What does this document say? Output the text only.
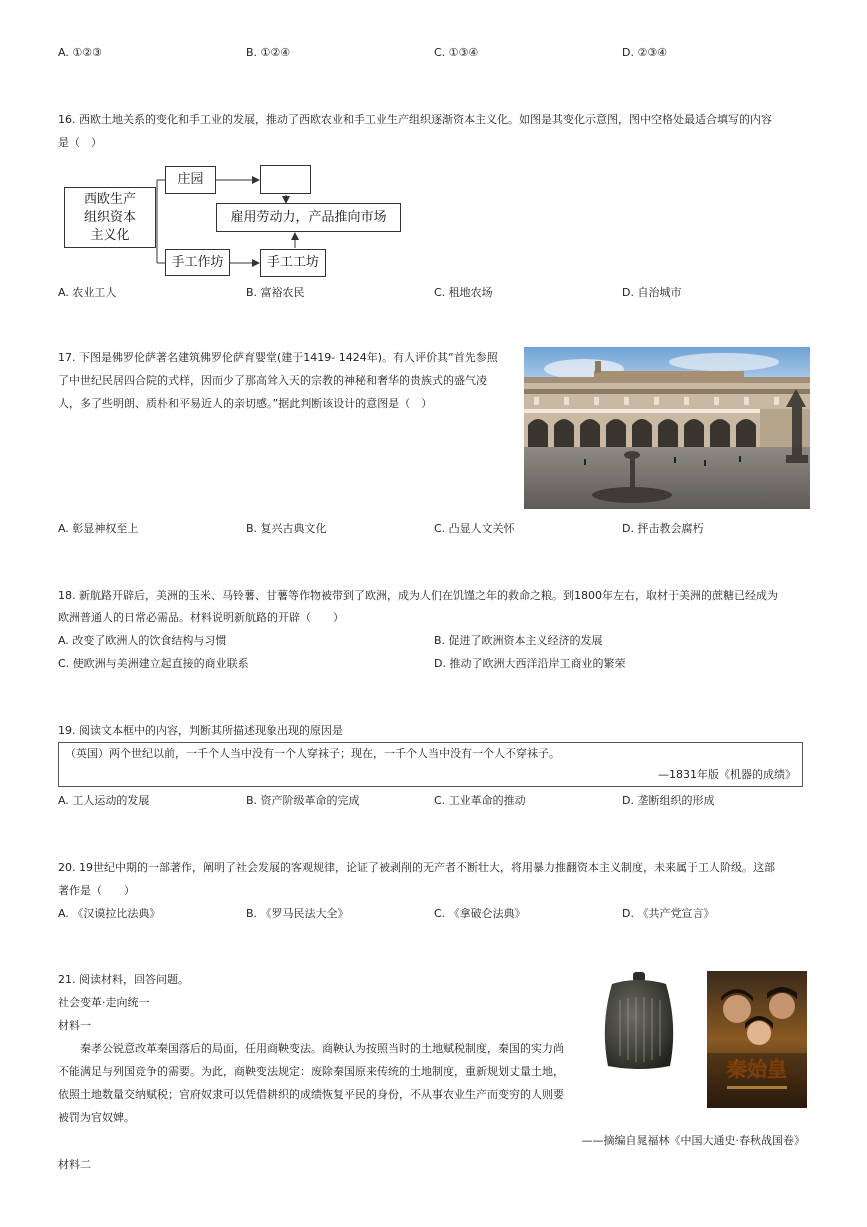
A. ①②③	B. ①②④	C. ①③④	D. ②③④
16. 西欧土地关系的变化和手工业的发展，推动了西欧农业和手工业生产组织逐渐资本主义化。如图是其变化示意图，图中空格处最适合填写的内容
是（　）
西欧生产
组织资本
主义化
庄园
雇用劳动力，产品推向市场
手工作坊	手工工坊
A. 农业工人	B. 富裕农民	C. 租地农场	D. 自治城市
17. 下图是佛罗伦萨著名建筑佛罗伦萨育婴堂(建于1419- 1424年)。有人评价其“首先参照
了中世纪民居四合院的式样，因而少了那高耸入天的宗教的神秘和奢华的贵族式的盛气凌
人，多了些明朗、质朴和平易近人的亲切感。”据此判断该设计的意图是（　）
A. 彰显神权至上	B. 复兴古典文化	C. 凸显人文关怀	D. 抨击教会腐朽
18. 新航路开辟后，美洲的玉米、马铃薯、甘薯等作物被带到了欧洲，成为人们在饥馑之年的救命之粮。到1800年左右，取材于美洲的蔗糖已经成为
欧洲普通人的日常必需品。材料说明新航路的开辟（　　）
A. 改变了欧洲人的饮食结构与习惯	B. 促进了欧洲资本主义经济的发展
C. 使欧洲与美洲建立起直接的商业联系	D. 推动了欧洲大西洋沿岸工商业的繁荣
19. 阅读文本框中的内容，判断其所描述现象出现的原因是
（英国）两个世纪以前，一千个人当中没有一个人穿袜子；现在，一千个人当中没有一个人不穿袜子。
—1831年版《机器的成绩》
A. 工人运动的发展	B. 资产阶级革命的完成	C. 工业革命的推动	D. 垄断组织的形成
20. 19世纪中期的一部著作，阐明了社会发展的客观规律，论证了被剥削的无产者不断壮大，将用暴力推翻资本主义制度，未来属于工人阶级。这部
著作是（　　）
A. 《汉谟拉比法典》	B. 《罗马民法大全》	C. 《拿破仑法典》	D. 《共产党宣言》
21. 阅读材料，回答问题。
社会变革·走向统一
材料一
秦孝公锐意改革秦国落后的局面，任用商鞅变法。商鞅认为按照当时的土地赋税制度，秦国的实力尚
不能满足与列国竞争的需要。为此，商鞅变法规定：废除秦国原来传统的土地制度，重新规划丈量土地，
依照土地数量交纳赋税；官府奴隶可以凭借耕织的成绩恢复平民的身份，不从事农业生产而变穷的人则要
被罚为官奴婢。
——摘编自晁福林《中国大通史·春秋战国卷》
材料二
秦始皇
